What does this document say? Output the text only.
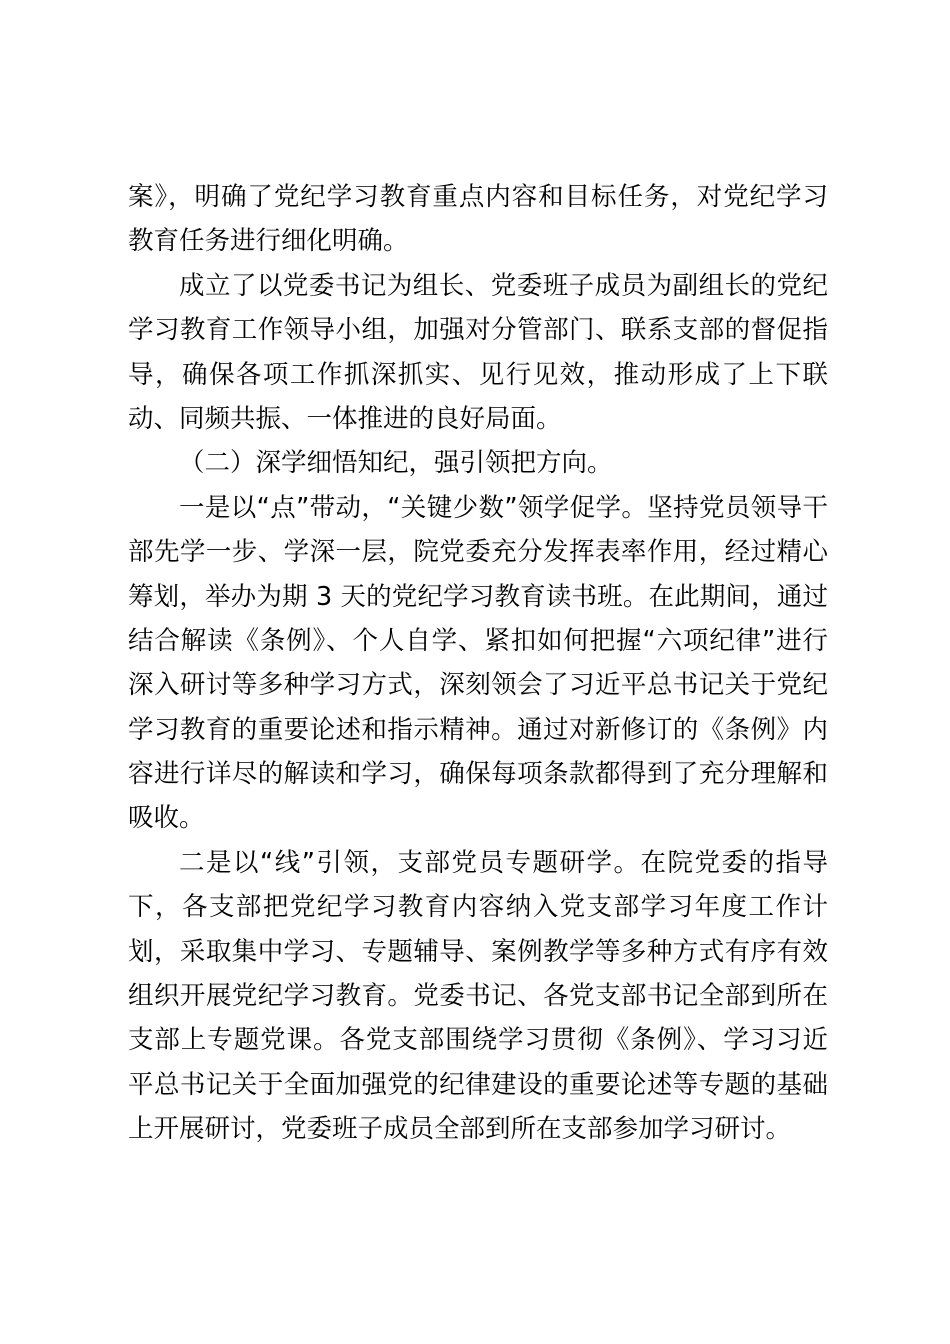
案》，明确了党纪学习教育重点内容和目标任务，对党纪学习
教育任务进行细化明确。
成立了以党委书记为组长、党委班子成员为副组长的党纪
学习教育工作领导小组，加强对分管部门、联系支部的督促指
导，确保各项工作抓深抓实、见行见效，推动形成了上下联
动、同频共振、一体推进的良好局面。
（二）深学细悟知纪，强引领把方向。
一是以“点”带动，“关键少数”领学促学。坚持党员领导干
部先学一步、学深一层，院党委充分发挥表率作用，经过精心
筹划，举办为期 3 天的党纪学习教育读书班。在此期间，通过
结合解读《条例》、个人自学、紧扣如何把握“六项纪律”进行
深入研讨等多种学习方式，深刻领会了习近平总书记关于党纪
学习教育的重要论述和指示精神。通过对新修订的《条例》内
容进行详尽的解读和学习，确保每项条款都得到了充分理解和
吸收。
二是以“线”引领，支部党员专题研学。在院党委的指导
下，各支部把党纪学习教育内容纳入党支部学习年度工作计
划，采取集中学习、专题辅导、案例教学等多种方式有序有效
组织开展党纪学习教育。党委书记、各党支部书记全部到所在
支部上专题党课。各党支部围绕学习贯彻《条例》、学习习近
平总书记关于全面加强党的纪律建设的重要论述等专题的基础
上开展研讨，党委班子成员全部到所在支部参加学习研讨。
